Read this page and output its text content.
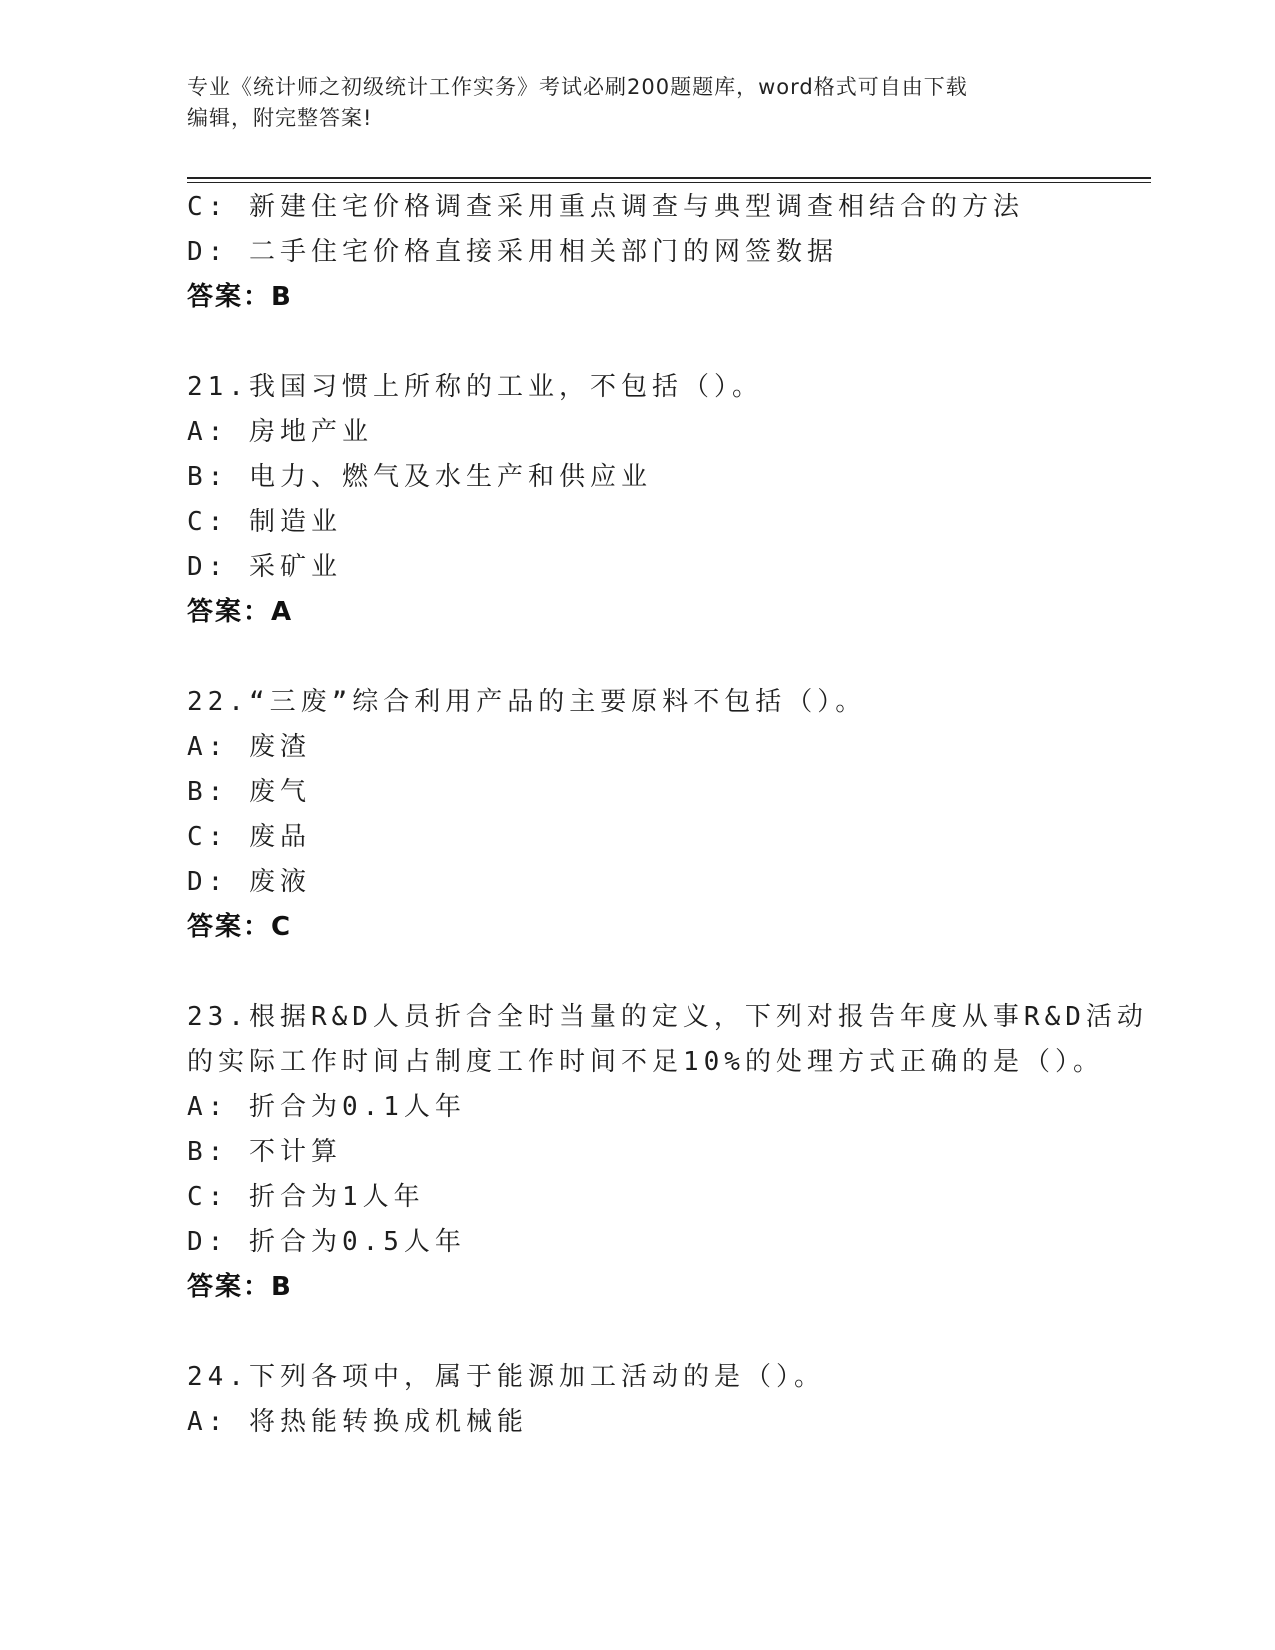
专业《统计师之初级统计工作实务》考试必刷200题题库，word格式可自由下载
编辑，附完整答案!
C: 新建住宅价格调查采用重点调查与典型调查相结合的方法
D: 二手住宅价格直接采用相关部门的网签数据
答案：B
21.我国习惯上所称的工业，不包括（）。
A: 房地产业
B: 电力、燃气及水生产和供应业
C: 制造业
D: 采矿业
答案：A
22.“三废”综合利用产品的主要原料不包括（）。
A: 废渣
B: 废气
C: 废品
D: 废液
答案：C
23.根据R&D人员折合全时当量的定义，下列对报告年度从事R&D活动
的实际工作时间占制度工作时间不足10%的处理方式正确的是（）。
A: 折合为0.1人年
B: 不计算
C: 折合为1人年
D: 折合为0.5人年
答案：B
24.下列各项中，属于能源加工活动的是（）。
A: 将热能转换成机械能
